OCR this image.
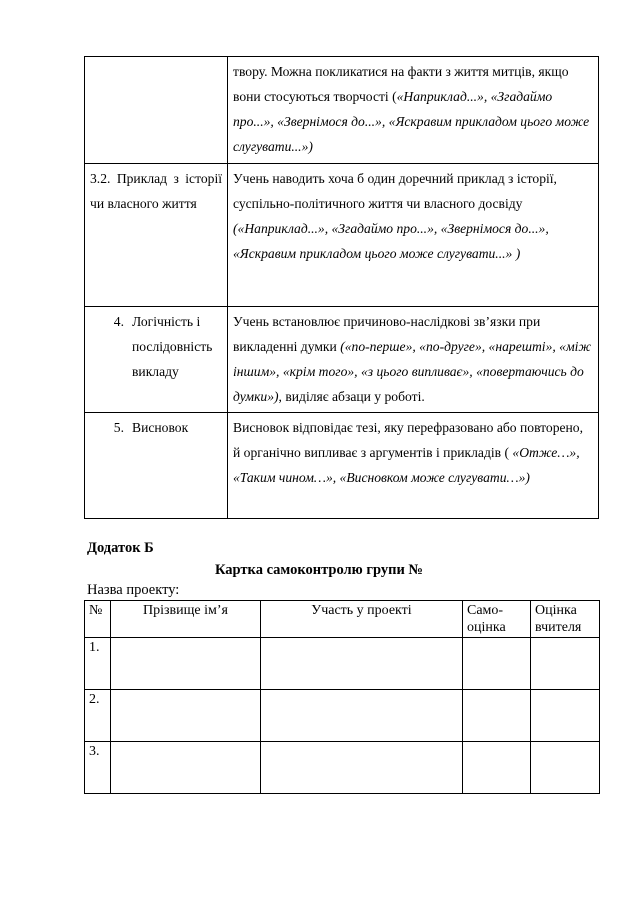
	твору. Можна покликатися на факти з життя митців, якщо вони стосуються творчості («Наприклад...», «Згадаймо про...», «Звернімося до...», «Яскравим прикладом цього може слугувати...»)

3.2. Приклад з історії чи власного життя	Учень наводить хоча б один доречний приклад з історії, суспільно-політичного життя чи власного досвіду («Наприклад...», «Згадаймо про...», «Звернімося до...», «Яскравим прикладом цього може слугувати...» )

4. Логічність і послідовність викладу	Учень встановлює причиново-наслідкові зв’язки при викладенні думки («по-перше», «по-друге», «нарешті», «між іншим», «крім того», «з цього випливає», «повертаючись до думки»), виділяє абзаци у роботі.

5. Висновок	Висновок відповідає тезі, яку перефразовано або повторено, й органічно випливає з аргументів і прикладів ( «Отже…», «Таким чином…», «Висновком може слугувати…»)
Додаток Б
Картка самоконтролю групи №
Назва проекту:
№	Прізвище ім’я	Участь у проекті	Само-оцінка	Оцінка вчителя
1.				
2.				
3.				
